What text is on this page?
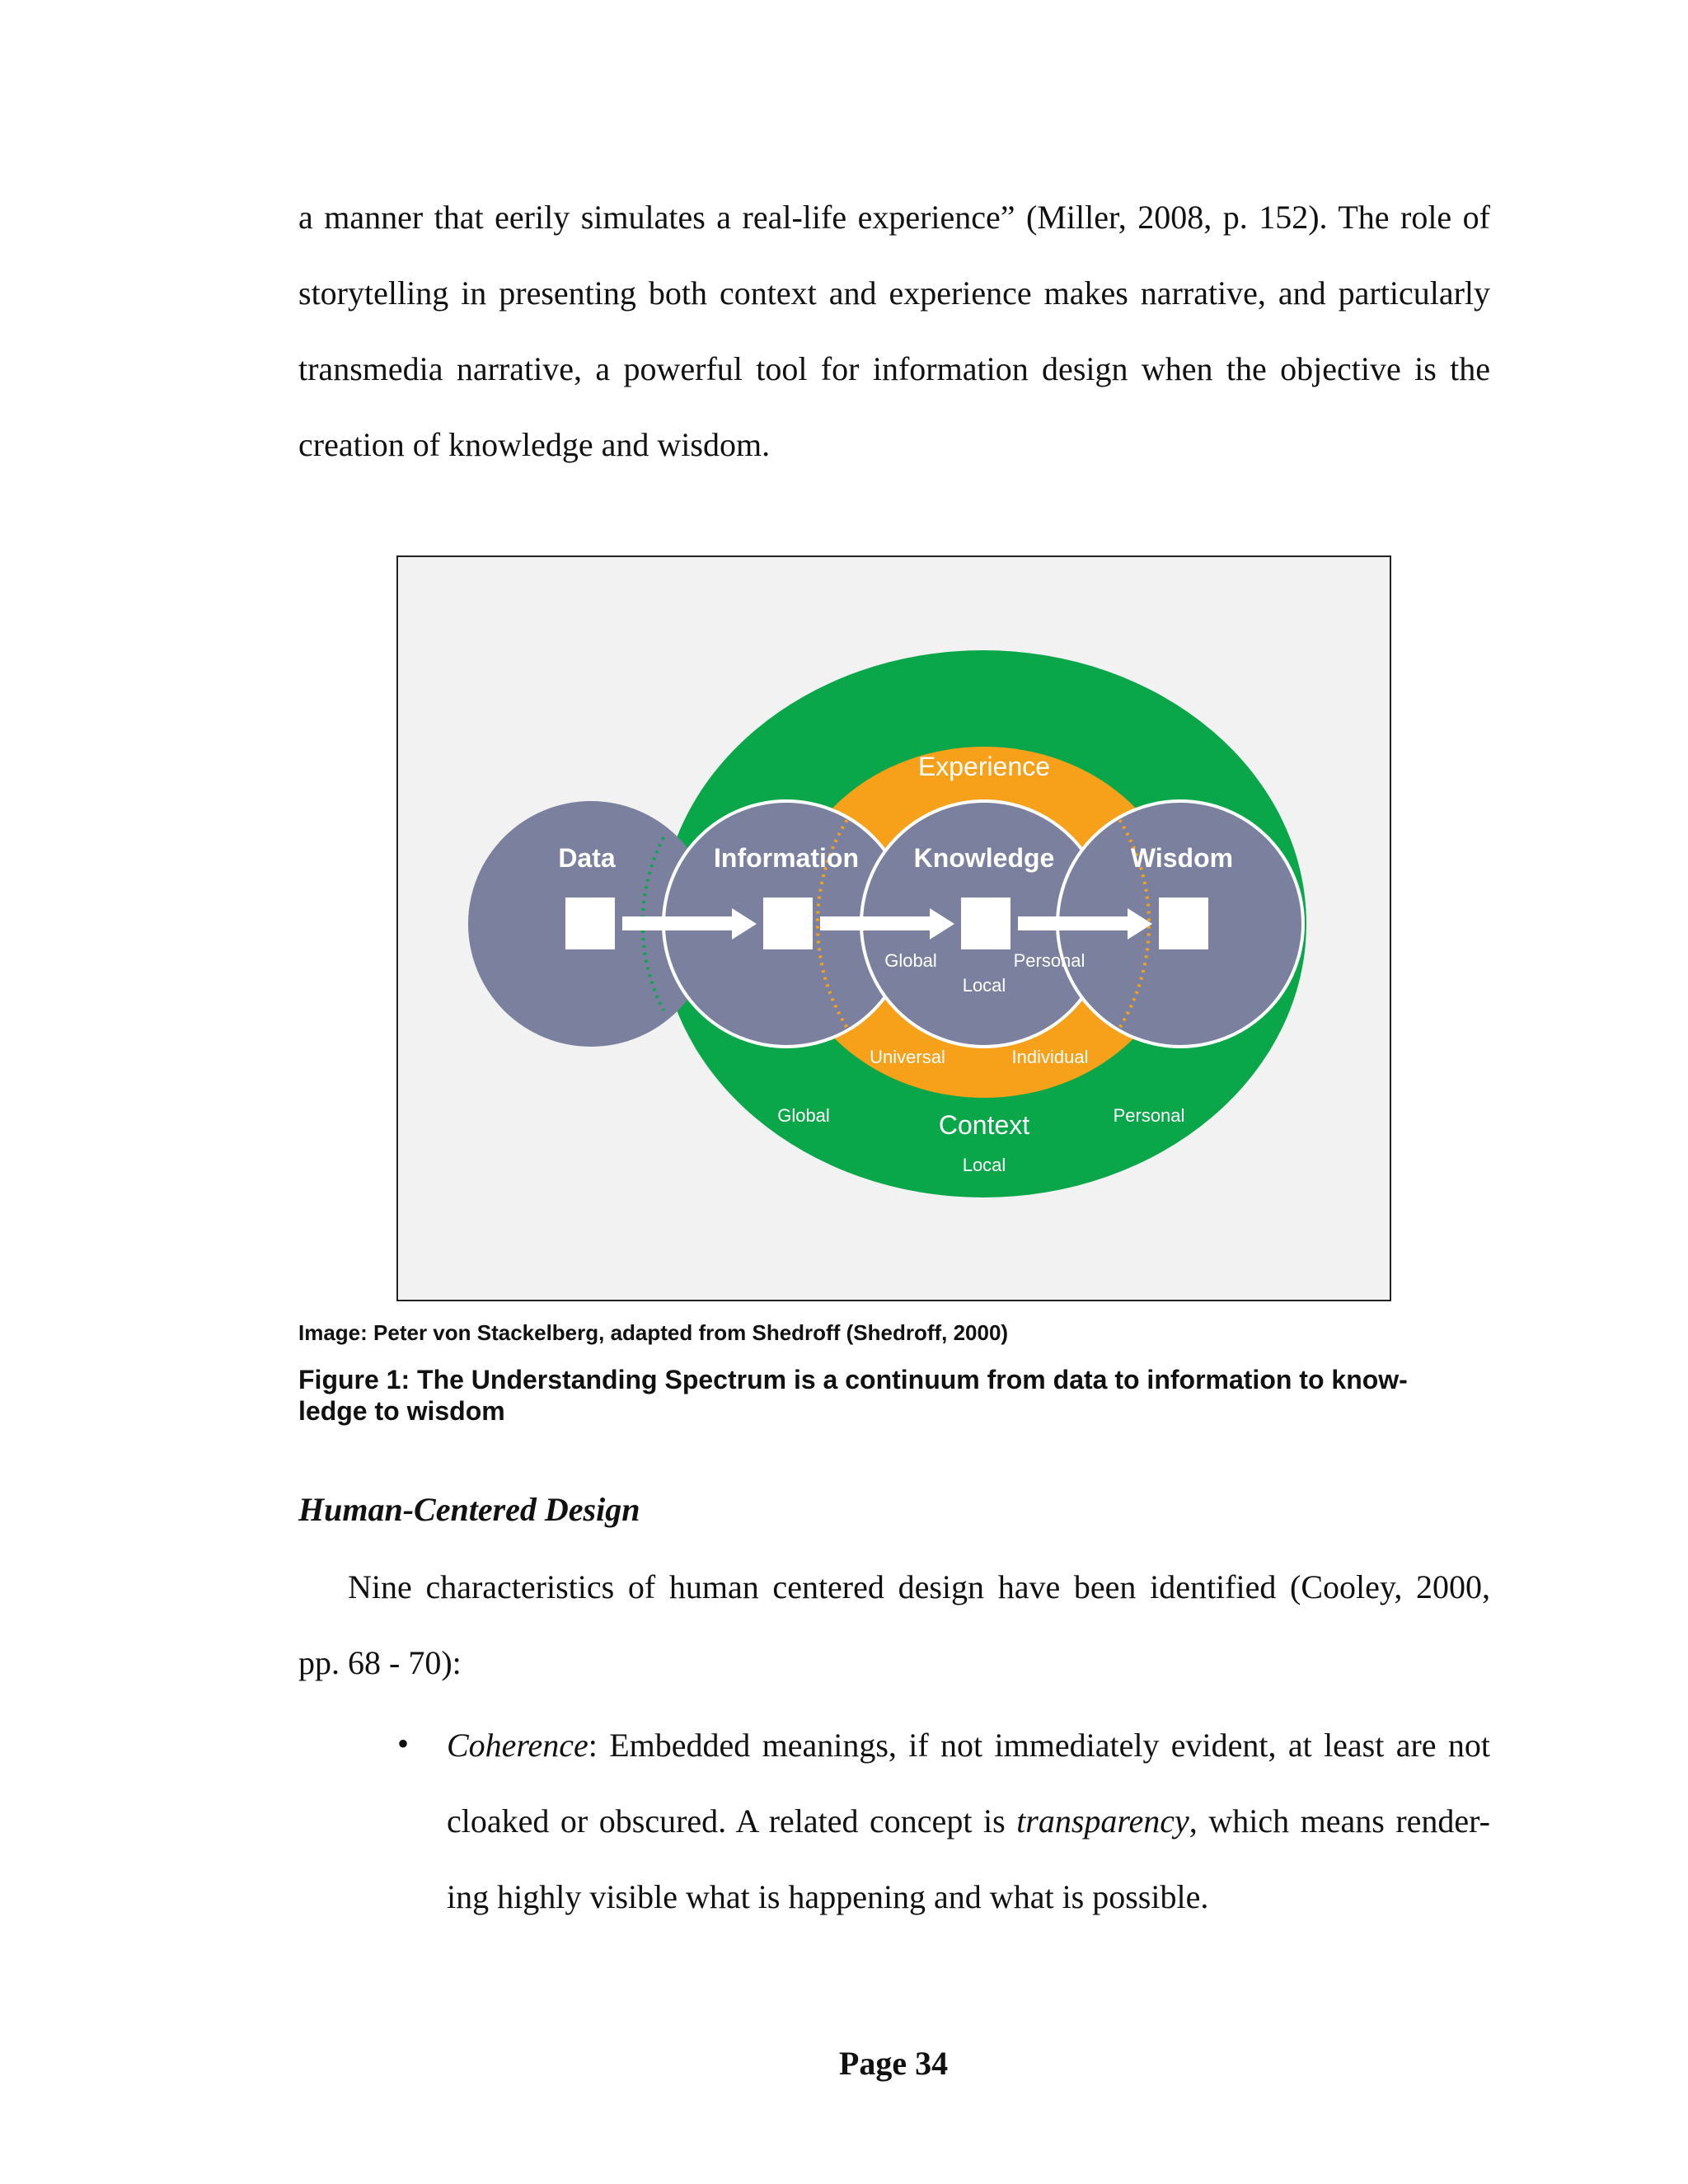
a manner that eerily simulates a real-life experience” (Miller, 2008, p. 152). The role of
storytelling in presenting both context and experience makes narrative, and particularly
transmedia narrative, a powerful tool for information design when the objective is the
creation of knowledge and wisdom.
Experience
Data	Information Knowledge	Wisdom
Global	Personal
Local
Universal	Individual
Global	Personal
Context
Local
Image: Peter von Stackelberg, adapted from Shedroff (Shedroff, 2000)
Figure 1: The Understanding Spectrum is a continuum from data to information to know-
ledge to wisdom
Human-Centered Design
Nine characteristics of human centered design have been identified (Cooley, 2000,
pp. 68 - 70):
• Coherence: Embedded meanings, if not immediately evident, at least are not
cloaked or obscured. A related concept is transparency, which means render-
ing highly visible what is happening and what is possible.
Page 34
